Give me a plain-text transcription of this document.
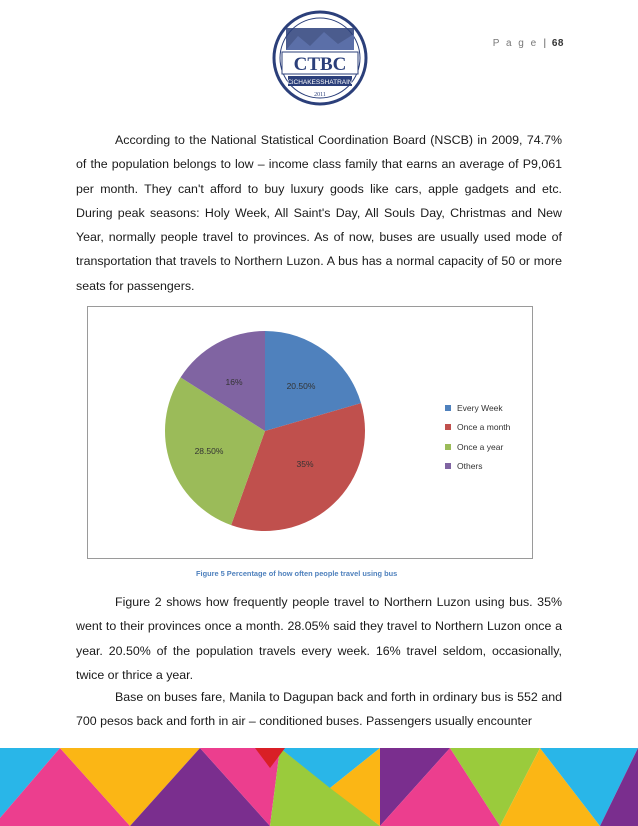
CTBC
CiCHAKESSHATRAIN
2011
P a g e | 68

According to the National Statistical Coordination Board (NSCB) in 2009, 74.7% of the population belongs to low – income class family that earns an average of P9,061 per month. They can't afford to buy luxury goods like cars, apple gadgets and etc. During peak seasons: Holy Week, All Saint's Day, All Souls Day, Christmas and New Year, normally people travel to provinces. As of now, buses are usually used mode of transportation that travels to Northern Luzon. A bus has a normal capacity of 50 or more seats for passengers.

20.50%
35%
28.50%
16%
Every Week
Once a month
Once a year
Others
Figure 5 Percentage of how often people travel using bus

Figure 2 shows how frequently people travel to Northern Luzon using bus. 35% went to their provinces once a month. 28.05% said they travel to Northern Luzon once a year. 20.50% of the population travels every week. 16% travel seldom, occasionally, twice or thrice a year.

Base on buses fare, Manila to Dagupan back and forth in ordinary bus is 552 and 700 pesos back and forth in air – conditioned buses. Passengers usually encounter
